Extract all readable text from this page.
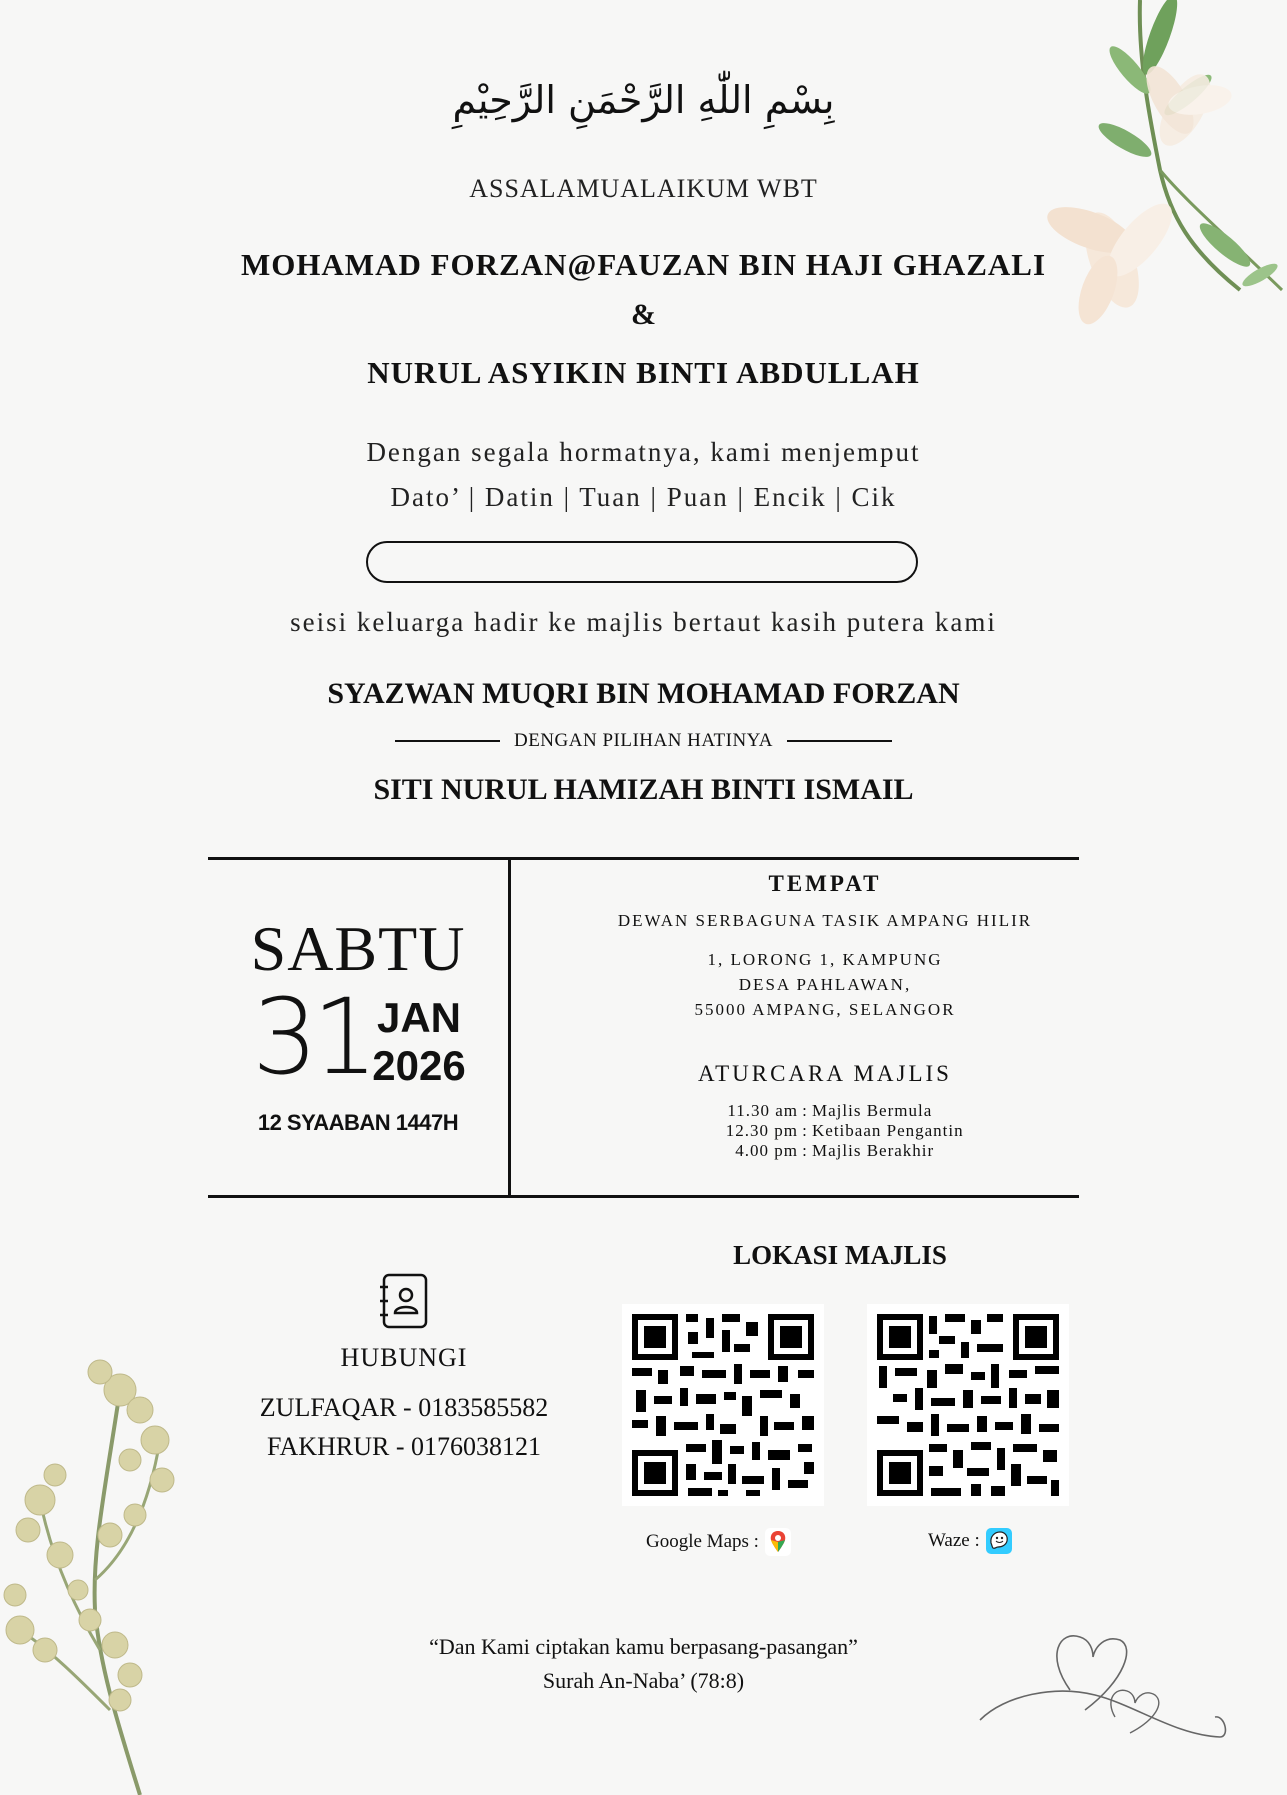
بِسْمِ اللّٰهِ الرَّحْمَنِ الرَّحِيْمِ
ASSALAMUALAIKUM WBT
MOHAMAD FORZAN@FAUZAN BIN HAJI GHAZALI
&
NURUL ASYIKIN BINTI ABDULLAH
Dengan segala hormatnya, kami menjemput
Dato’ | Datin | Tuan | Puan | Encik | Cik
seisi keluarga hadir ke majlis bertaut kasih putera kami
SYAZWAN MUQRI BIN MOHAMAD FORZAN
DENGAN PILIHAN HATINYA
SITI NURUL HAMIZAH BINTI ISMAIL
SABTU
31 JAN
2026
12 SYAABAN 1447H
TEMPAT
DEWAN SERBAGUNA TASIK AMPANG HILIR
1, LORONG 1, KAMPUNG
DESA PAHLAWAN,
55000 AMPANG, SELANGOR
ATURCARA MAJLIS
11.30 am : Majlis Bermula
12.30 pm : Ketibaan Pengantin
4.00 pm : Majlis Berakhir
LOKASI MAJLIS
Google Maps :	Waze :
HUBUNGI
ZULFAQAR - 0183585582
FAKHRUR - 0176038121
“Dan Kami ciptakan kamu berpasang-pasangan”
Surah An-Naba’ (78:8)
